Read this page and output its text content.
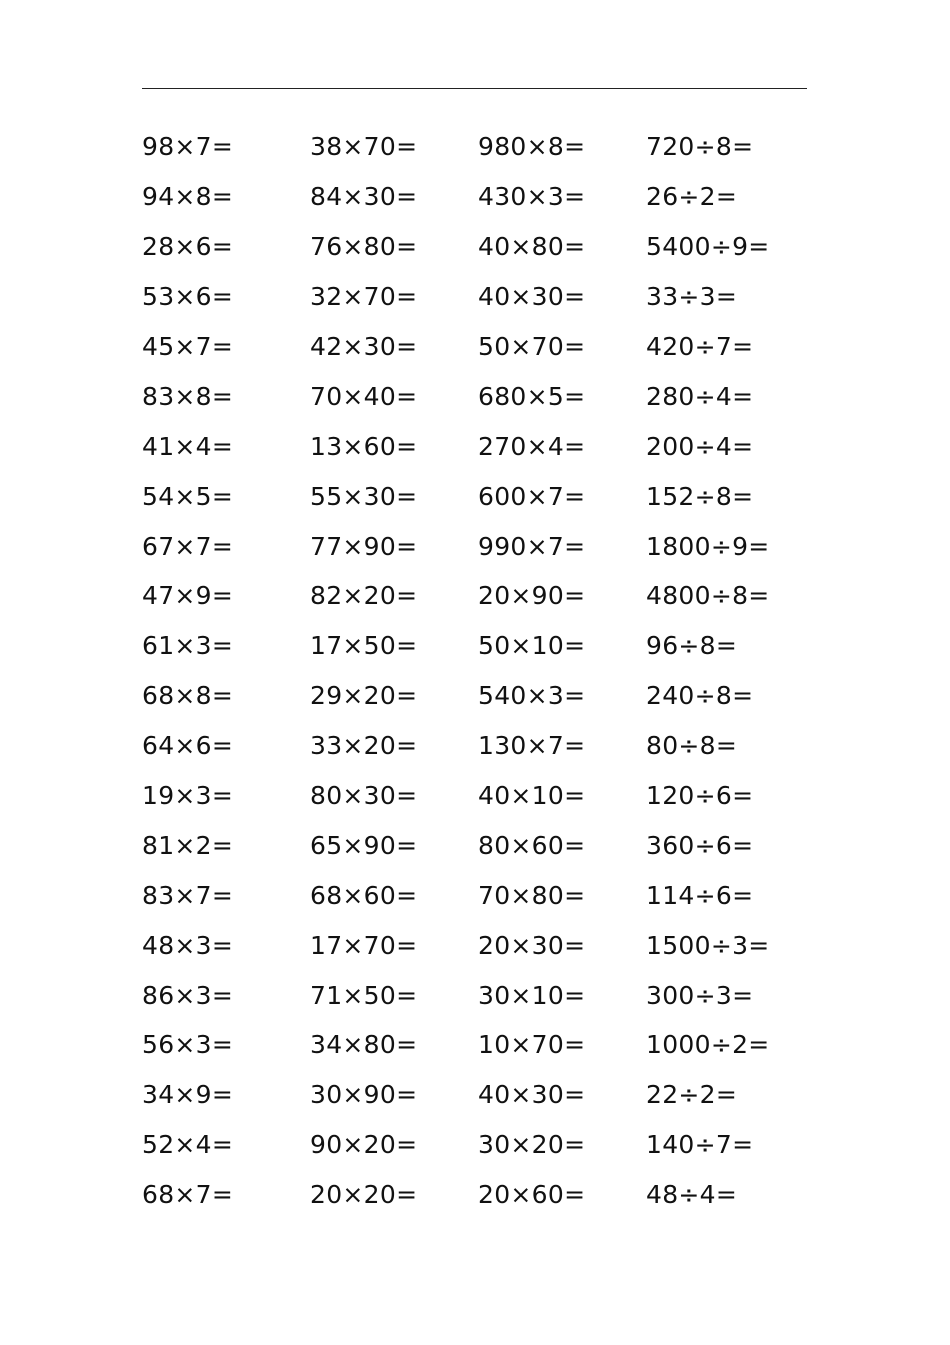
98×7=	38×70=	980×8=	720÷8=
94×8=	84×30=	430×3=	26÷2=
28×6=	76×80=	40×80=	5400÷9=
53×6=	32×70=	40×30=	33÷3=
45×7=	42×30=	50×70=	420÷7=
83×8=	70×40=	680×5=	280÷4=
41×4=	13×60=	270×4=	200÷4=
54×5=	55×30=	600×7=	152÷8=
67×7=	77×90=	990×7=	1800÷9=
47×9=	82×20=	20×90=	4800÷8=
61×3=	17×50=	50×10=	96÷8=
68×8=	29×20=	540×3=	240÷8=
64×6=	33×20=	130×7=	80÷8=
19×3=	80×30=	40×10=	120÷6=
81×2=	65×90=	80×60=	360÷6=
83×7=	68×60=	70×80=	114÷6=
48×3=	17×70=	20×30=	1500÷3=
86×3=	71×50=	30×10=	300÷3=
56×3=	34×80=	10×70=	1000÷2=
34×9=	30×90=	40×30=	22÷2=
52×4=	90×20=	30×20=	140÷7=
68×7=	20×20=	20×60=	48÷4=
